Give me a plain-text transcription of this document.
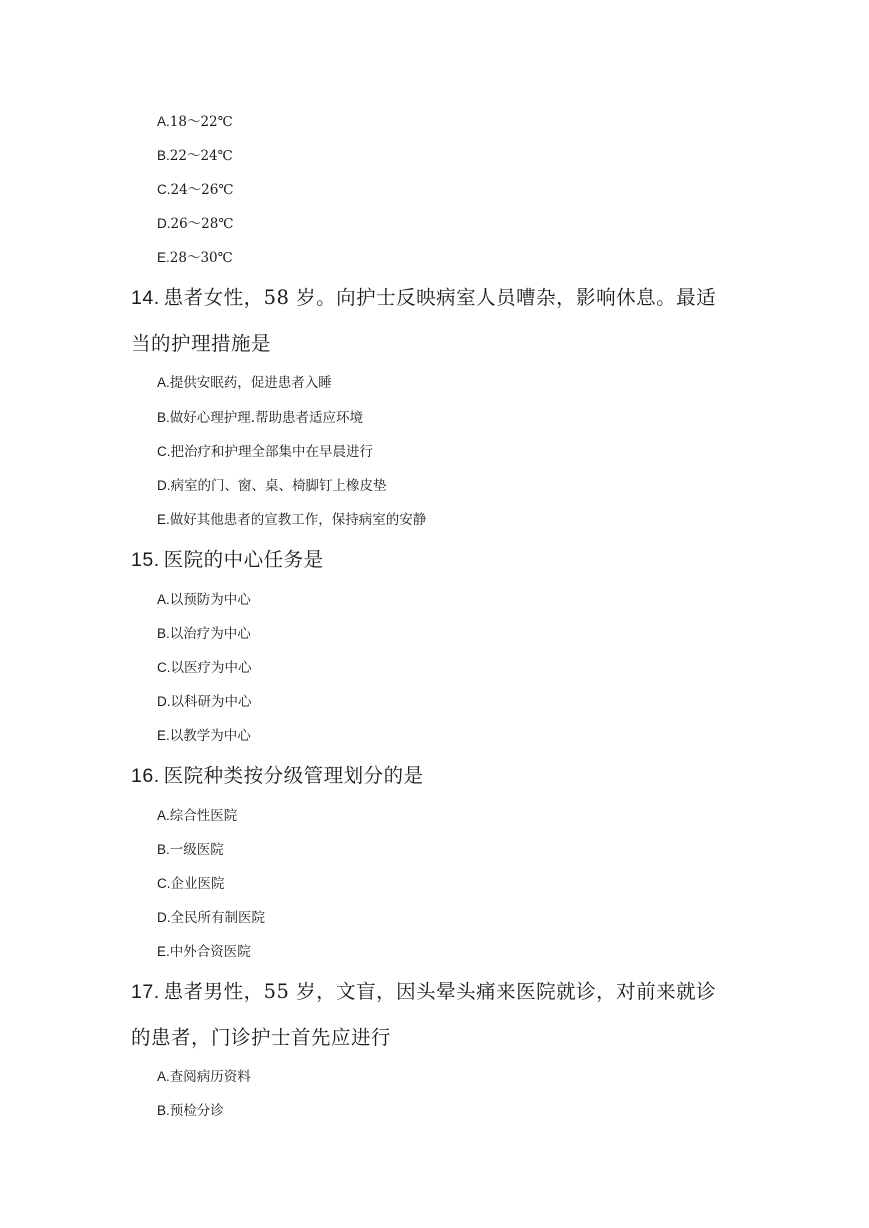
A.18～22℃

B.22～24℃

C.24～26℃

D.26～28℃

E.28～30℃

14. 患者女性，58 岁。向护士反映病室人员嘈杂，影响休息。最适

当的护理措施是

A.提供安眠药，促进患者入睡

B.做好心理护理.帮助患者适应环境

C.把治疗和护理全部集中在早晨进行

D.病室的门、窗、桌、椅脚钉上橡皮垫

E.做好其他患者的宣教工作，保持病室的安静

15. 医院的中心任务是

A.以预防为中心

B.以治疗为中心

C.以医疗为中心

D.以科研为中心

E.以教学为中心

16. 医院种类按分级管理划分的是

A.综合性医院

B.一级医院

C.企业医院

D.全民所有制医院

E.中外合资医院

17. 患者男性，55 岁，文盲，因头晕头痛来医院就诊，对前来就诊

的患者，门诊护士首先应进行

A.查阅病历资料

B.预检分诊
